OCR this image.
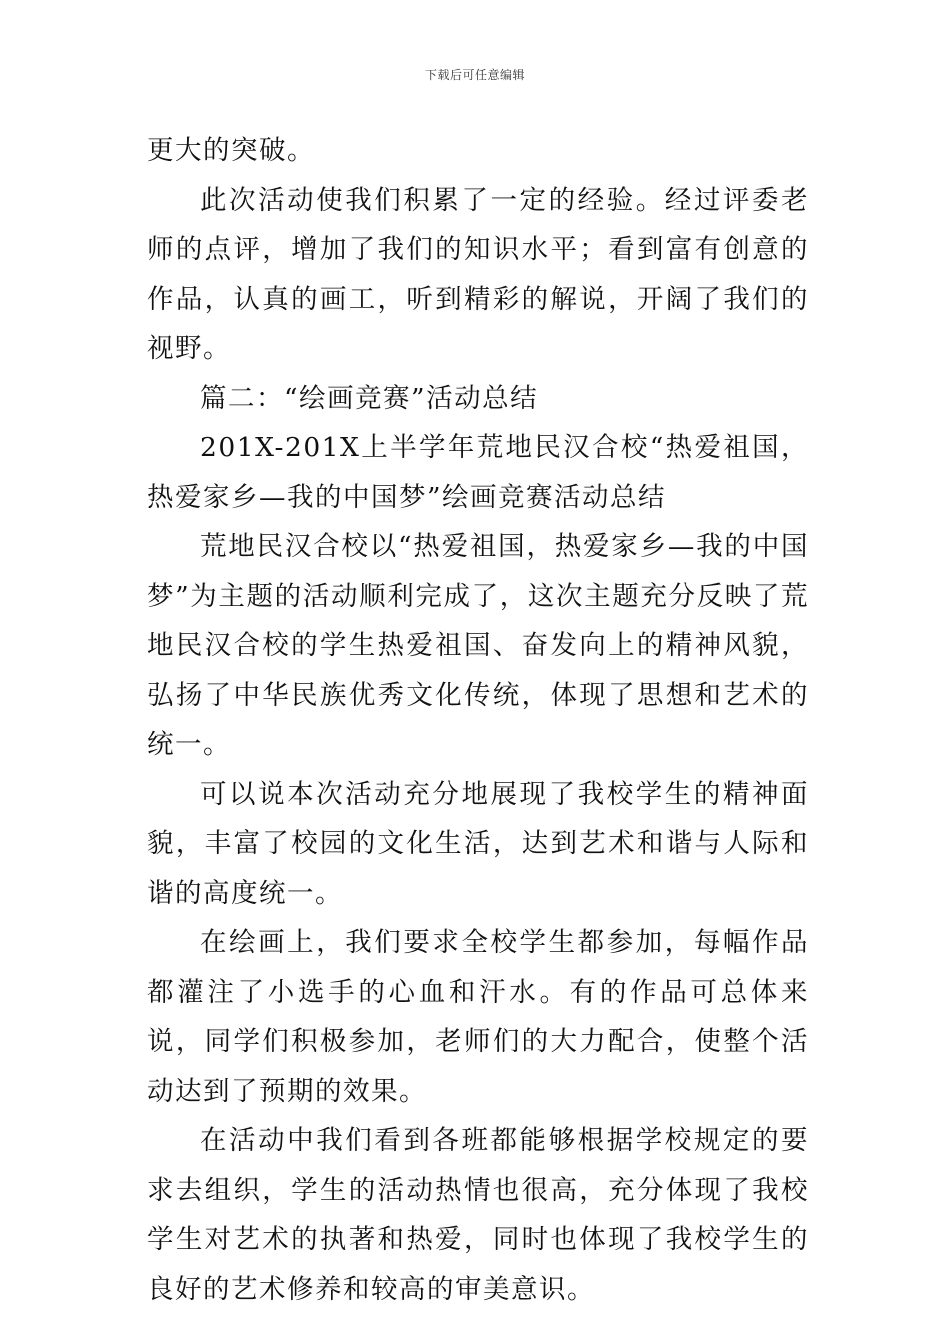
下载后可任意编辑

更大的突破。

此次活动使我们积累了一定的经验。经过评委老师的点评，增加了我们的知识水平；看到富有创意的作品，认真的画工，听到精彩的解说，开阔了我们的视野。

篇二：“绘画竞赛”活动总结

201X-201X上半学年荒地民汉合校“热爱祖国，热爱家乡—我的中国梦”绘画竞赛活动总结

荒地民汉合校以“热爱祖国，热爱家乡—我的中国梦”为主题的活动顺利完成了，这次主题充分反映了荒地民汉合校的学生热爱祖国、奋发向上的精神风貌，弘扬了中华民族优秀文化传统，体现了思想和艺术的统一。

可以说本次活动充分地展现了我校学生的精神面貌，丰富了校园的文化生活，达到艺术和谐与人际和谐的高度统一。

在绘画上，我们要求全校学生都参加，每幅作品都灌注了小选手的心血和汗水。有的作品可总体来说，同学们积极参加，老师们的大力配合，使整个活动达到了预期的效果。

在活动中我们看到各班都能够根据学校规定的要求去组织，学生的活动热情也很高，充分体现了我校学生对艺术的执著和热爱，同时也体现了我校学生的良好的艺术修养和较高的审美意识。
